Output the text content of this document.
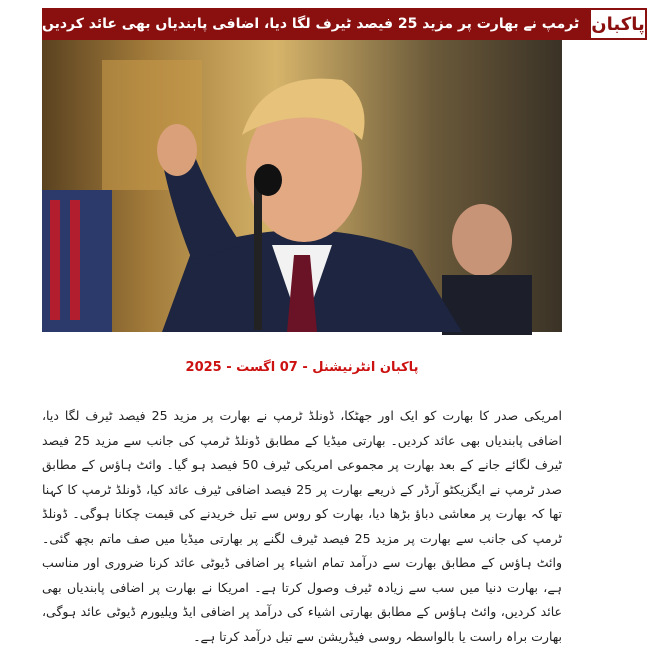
ٹرمپ نے بھارت پر مزید 25 فیصد ٹیرف لگا دیا، اضافی پابندیاں بھی عائد کردیں پاکبان
پاکبان انٹرنیشنل - 07 اگست - 2025

امریکی صدر کا بھارت کو ایک اور جھٹکا، ڈونلڈ ٹرمپ نے بھارت پر مزید 25 فیصد ٹیرف لگا دیا، اضافی پابندیاں بھی عائد کردیں۔ بھارتی میڈیا کے مطابق ڈونلڈ ٹرمپ کی جانب سے مزید 25 فیصد ٹیرف لگائے جانے کے بعد بھارت پر مجموعی امریکی ٹیرف 50 فیصد ہو گیا۔ وائٹ ہاؤس کے مطابق صدر ٹرمپ نے ایگزیکٹو آرڈر کے ذریعے بھارت پر 25 فیصد اضافی ٹیرف عائد کیا، ڈونلڈ ٹرمپ کا کہنا تھا کہ بھارت پر معاشی دباؤ بڑھا دیا، بھارت کو روس سے تیل خریدنے کی قیمت چکانا ہوگی۔ ڈونلڈ ٹرمپ کی جانب سے بھارت پر مزید 25 فیصد ٹیرف لگنے پر بھارتی میڈیا میں صف ماتم بچھ گئی۔ وائٹ ہاؤس کے مطابق بھارت سے درآمد تمام اشیاء پر اضافی ڈیوٹی عائد کرنا ضروری اور مناسب ہے، بھارت دنیا میں سب سے زیادہ ٹیرف وصول کرتا ہے۔ امریکا نے بھارت پر اضافی پابندیاں بھی عائد کردیں، وائٹ ہاؤس کے مطابق بھارتی اشیاء کی درآمد پر اضافی ایڈ ویلیورم ڈیوٹی عائد ہوگی، بھارت براہ راست یا بالواسطہ روسی فیڈریشن سے تیل درآمد کرتا ہے۔
